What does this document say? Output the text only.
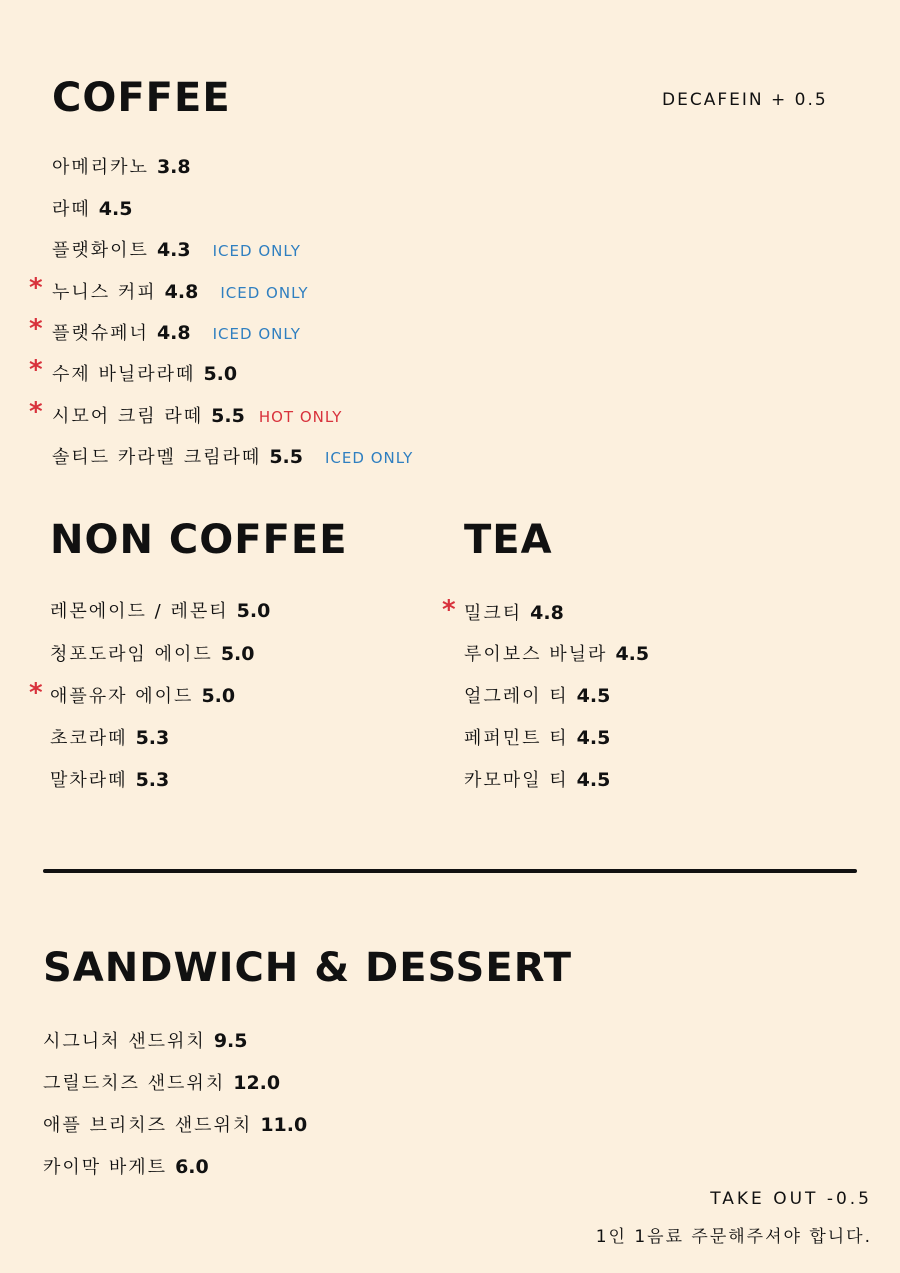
COFFEE	DECAFEIN + 0.5
*
*
*
*
아메리카노 3.8
라떼 4.5
플랫화이트 4.3 ICED ONLY
누니스 커피 4.8 ICED ONLY
플랫슈페너 4.8 ICED ONLY
수제 바닐라라떼 5.0
시모어 크림 라떼 5.5 HOT ONLY
솔티드 카라멜 크림라떼 5.5 ICED ONLY
NON COFFEE
*
레몬에이드 / 레몬티 5.0
청포도라임 에이드 5.0
애플유자 에이드 5.0
초코라떼 5.3
말차라떼 5.3
TEA
* 밀크티 4.8
루이보스 바닐라 4.5
얼그레이 티 4.5
페퍼민트 티 4.5
카모마일 티 4.5
SANDWICH & DESSERT
시그니처 샌드위치 9.5
그릴드치즈 샌드위치 12.0
애플 브리치즈 샌드위치 11.0
카이막 바게트 6.0
TAKE OUT -0.5
1인 1음료 주문해주셔야 합니다.
